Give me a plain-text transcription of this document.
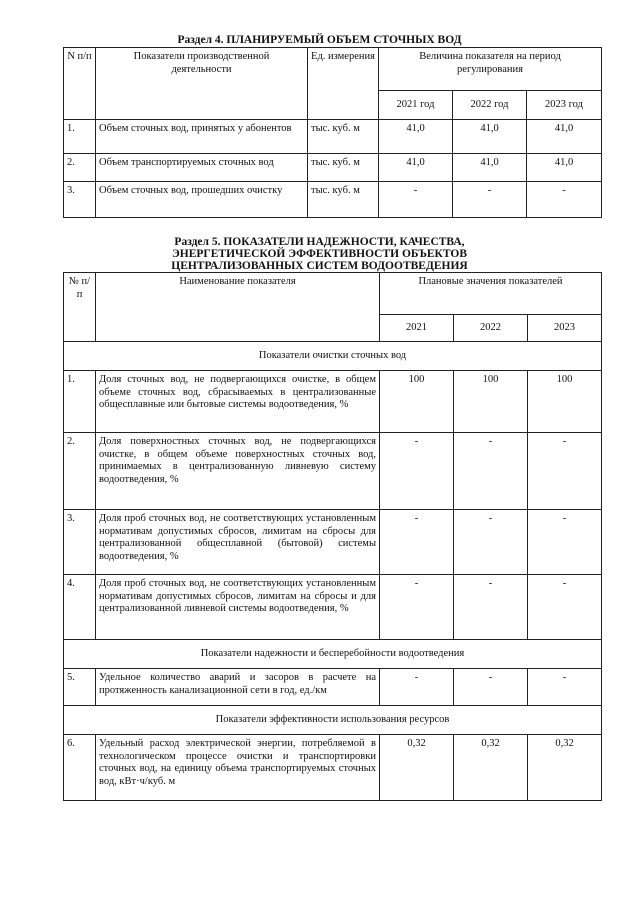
Раздел 4. ПЛАНИРУЕМЫЙ ОБЪЕМ СТОЧНЫХ ВОД
N п/п	Показатели производственной деятельности	Ед. измерения	Величина показателя на период регулирования		
			2021 год	2022 год	2023 год
1.	Объем сточных вод, принятых у абонентов	тыс. куб. м	41,0	41,0	41,0
2.	Объем транспортируемых сточных вод	тыс. куб. м	41,0	41,0	41,0
3.	Объем сточных вод, прошедших очистку	тыс. куб. м	-	-	-
Раздел 5. ПОКАЗАТЕЛИ НАДЕЖНОСТИ, КАЧЕСТВА,
ЭНЕРГЕТИЧЕСКОЙ ЭФФЕКТИВНОСТИ ОБЪЕКТОВ
ЦЕНТРАЛИЗОВАННЫХ СИСТЕМ ВОДООТВЕДЕНИЯ
№ п/п	Наименование показателя	Плановые значения показателей		
		2021	2022	2023
Показатели очистки сточных вод				
1.	Доля сточных вод, не подвергающихся очистке, в общем объеме сточных вод, сбрасываемых в централизованные общесплавные или бытовые системы водоотведения, %	100	100	100
2.	Доля поверхностных сточных вод, не подвергающихся очистке, в общем объеме поверхностных сточных вод, принимаемых в централизованную ливневую систему водоотведения, %	-	-	-
3.	Доля проб сточных вод, не соответствующих установленным нормативам допустимых сбросов, лимитам на сбросы для централизованной общесплавной (бытовой) системы водоотведения, %	-	-	-
4.	Доля проб сточных вод, не соответствующих установленным нормативам допустимых сбросов, лимитам на сбросы и для централизованной ливневой системы водоотведения, %	-	-	-
Показатели надежности и бесперебойности водоотведения				
5.	Удельное количество аварий и засоров в расчете на протяженность канализационной сети в год, ед./км	-	-	-
Показатели эффективности использования ресурсов				
6.	Удельный расход электрической энергии, потребляемой в технологическом процессе очистки и транспортировки сточных вод, на единицу объема транспортируемых сточных вод, кВт·ч/куб. м	0,32	0,32	0,32
